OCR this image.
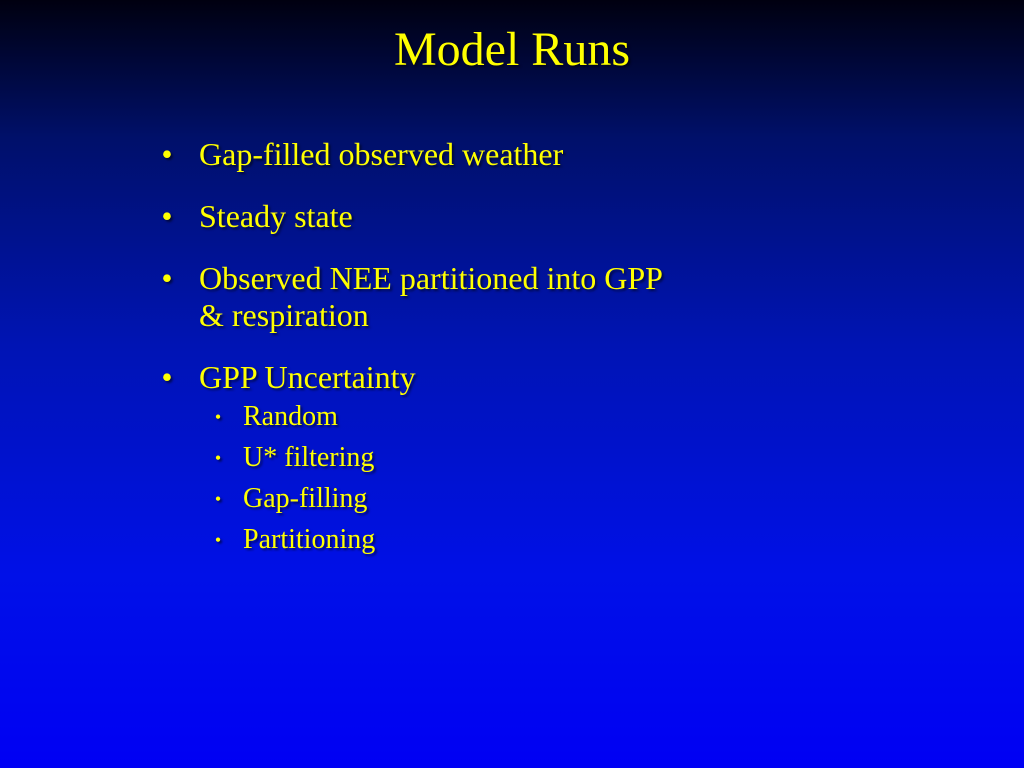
Model Runs
• Gap-filled observed weather
• Steady state
• Observed NEE partitioned into GPP
& respiration
• GPP Uncertainty
• Random
• U* filtering
• Gap-filling
• Partitioning
